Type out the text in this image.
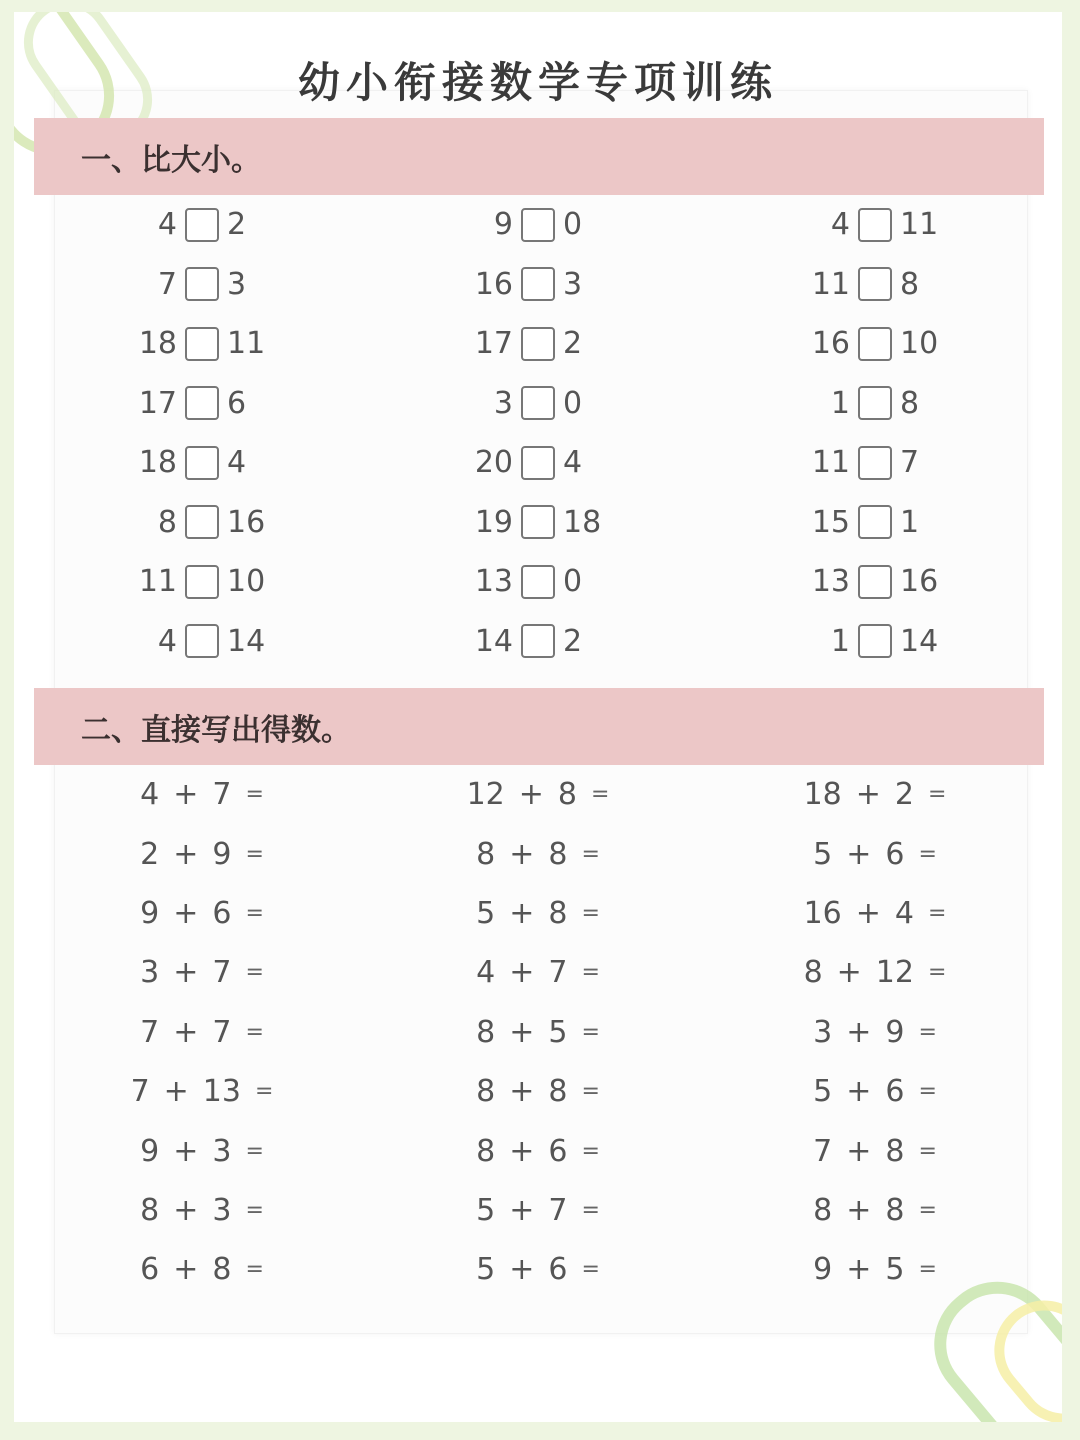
幼小衔接数学专项训练
一、比大小。
4 2	9 0	4 11
7 3	16 3	11 8
18 11	17 2	16 10
17 6	3 0	1 8
18 4	20 4	11 7
8 16	19 18	15 1
11 10	13 0	13 16
4 14	14 2	1 14
二、直接写出得数。
4 + 7 =	12 + 8 =	18 + 2 =
2 + 9 =	8 + 8 =	5 + 6 =
9 + 6 =	5 + 8 =	16 + 4 =
3 + 7 =	4 + 7 =	8 + 12 =
7 + 7 =	8 + 5 =	3 + 9 =
7 + 13 =	8 + 8 =	5 + 6 =
9 + 3 =	8 + 6 =	7 + 8 =
8 + 3 =	5 + 7 =	8 + 8 =
6 + 8 =	5 + 6 =	9 + 5 =
